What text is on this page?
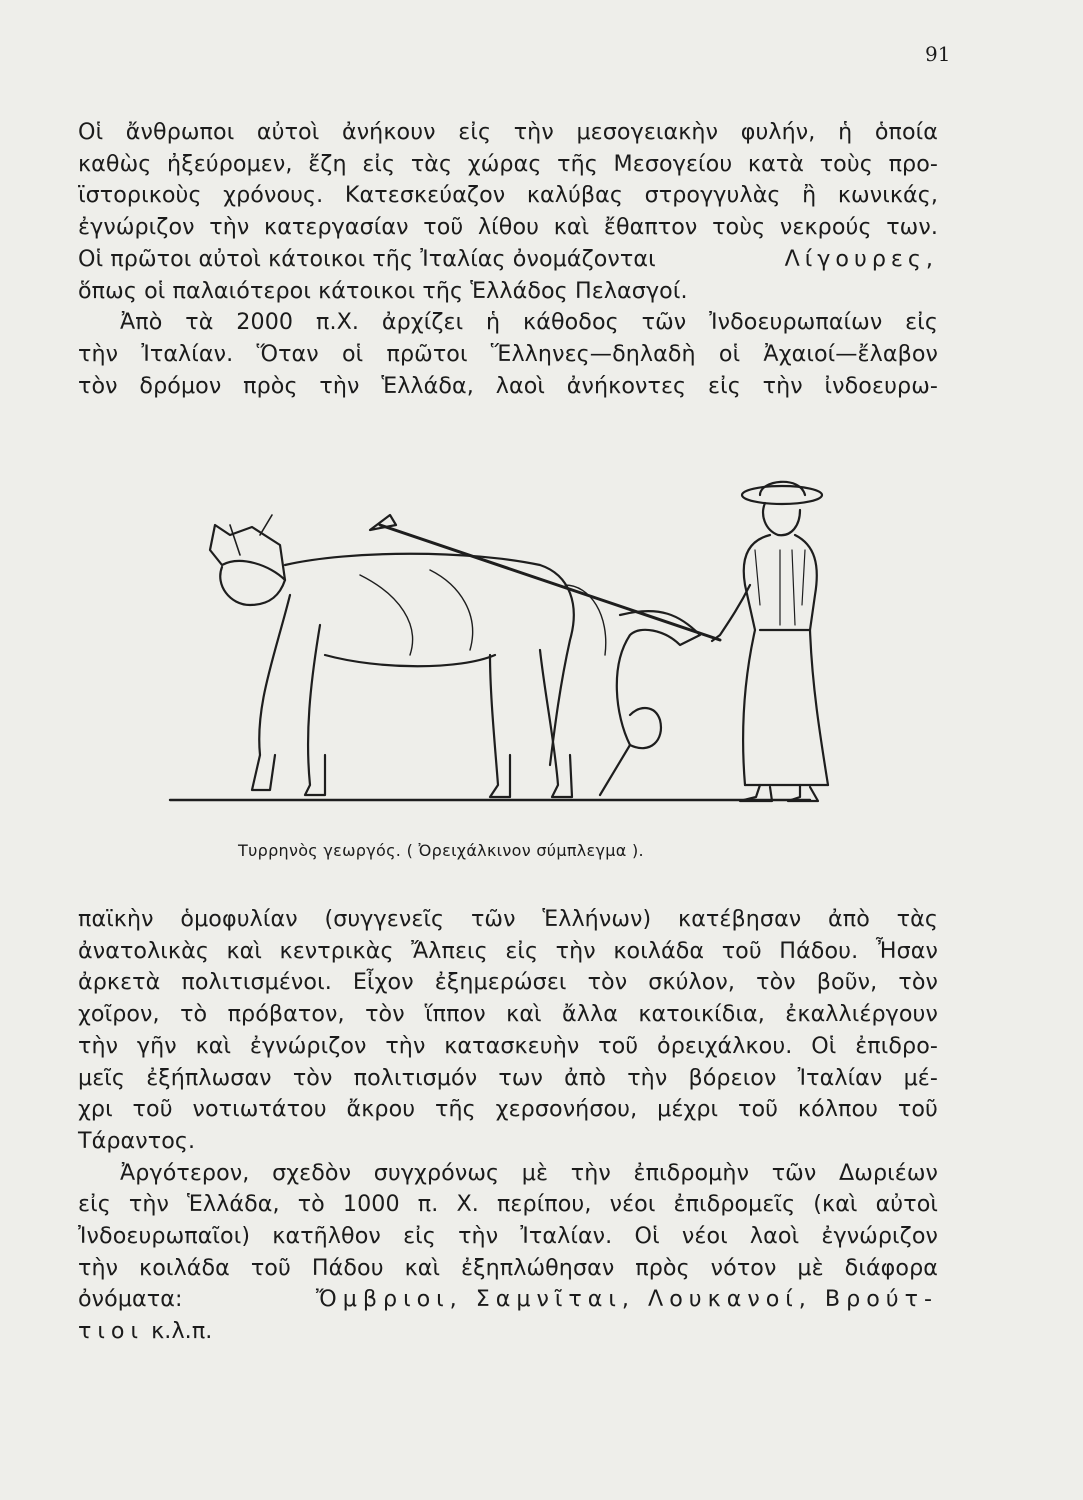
91
Οἱ ἄνθρωποι αὐτοὶ ἀνήκουν εἰς τὴν μεσογειακὴν φυλήν, ἡ ὁποία
καθὼς ἠξεύρομεν, ἔζη εἰς τὰς χώρας τῆς Μεσογείου κατὰ τοὺς προ-
ϊστορικοὺς χρόνους. Κατεσκεύαζον καλύβας στρογγυλὰς ἢ κωνικάς,
ἐγνώριζον τὴν κατεργασίαν τοῦ λίθου καὶ ἔθαπτον τοὺς νεκρούς των.
Οἱ πρῶτοι αὐτοὶ κάτοικοι τῆς Ἰταλίας ὀνομάζονται	Λίγουρες,
ὅπως οἱ παλαιότεροι κάτοικοι τῆς Ἑλλάδος Πελασγοί.
Ἀπὸ τὰ 2000 π.Χ. ἀρχίζει ἡ κάθοδος τῶν Ἰνδοευρωπαίων εἰς
τὴν Ἰταλίαν. Ὅταν οἱ πρῶτοι Ἕλληνες—δηλαδὴ οἱ Ἀχαιοί—ἔλαβον
τὸν δρόμον πρὸς τὴν Ἑλλάδα, λαοὶ ἀνήκοντες εἰς τὴν ἰνδοευρω-
Τυρρηνὸς γεωργός. ( Ὀρειχάλκινον σύμπλεγμα ).
παϊκὴν ὁμοφυλίαν (συγγενεῖς τῶν Ἑλλήνων) κατέβησαν ἀπὸ τὰς
ἀνατολικὰς καὶ κεντρικὰς Ἄλπεις εἰς τὴν κοιλάδα τοῦ Πάδου. Ἦσαν
ἀρκετὰ πολιτισμένοι. Εἶχον ἐξημερώσει τὸν σκύλον, τὸν βοῦν, τὸν
χοῖρον, τὸ πρόβατον, τὸν ἵππον καὶ ἄλλα κατοικίδια, ἐκαλλιέργουν
τὴν γῆν καὶ ἐγνώριζον τὴν κατασκευὴν τοῦ ὀρειχάλκου. Οἱ ἐπιδρο-
μεῖς ἐξήπλωσαν τὸν πολιτισμόν των ἀπὸ τὴν βόρειον Ἰταλίαν μέ-
χρι τοῦ νοτιωτάτου ἄκρου τῆς χερσονήσου, μέχρι τοῦ κόλπου τοῦ
Τάραντος.
Ἀργότερον, σχεδὸν συγχρόνως μὲ τὴν ἐπιδρομὴν τῶν Δωριέων
εἰς τὴν Ἑλλάδα, τὸ 1000 π. Χ. περίπου, νέοι ἐπιδρομεῖς (καὶ αὐτοὶ
Ἰνδοευρωπαῖοι) κατῆλθον εἰς τὴν Ἰταλίαν. Οἱ νέοι λαοὶ ἐγνώριζον
τὴν κοιλάδα τοῦ Πάδου καὶ ἐξηπλώθησαν πρὸς νότον μὲ διάφορα
ὀνόματα:	Ὄμβριοι, Σαμνῖται, Λουκανοί, Βρούτ-
τιοι κ.λ.π.
